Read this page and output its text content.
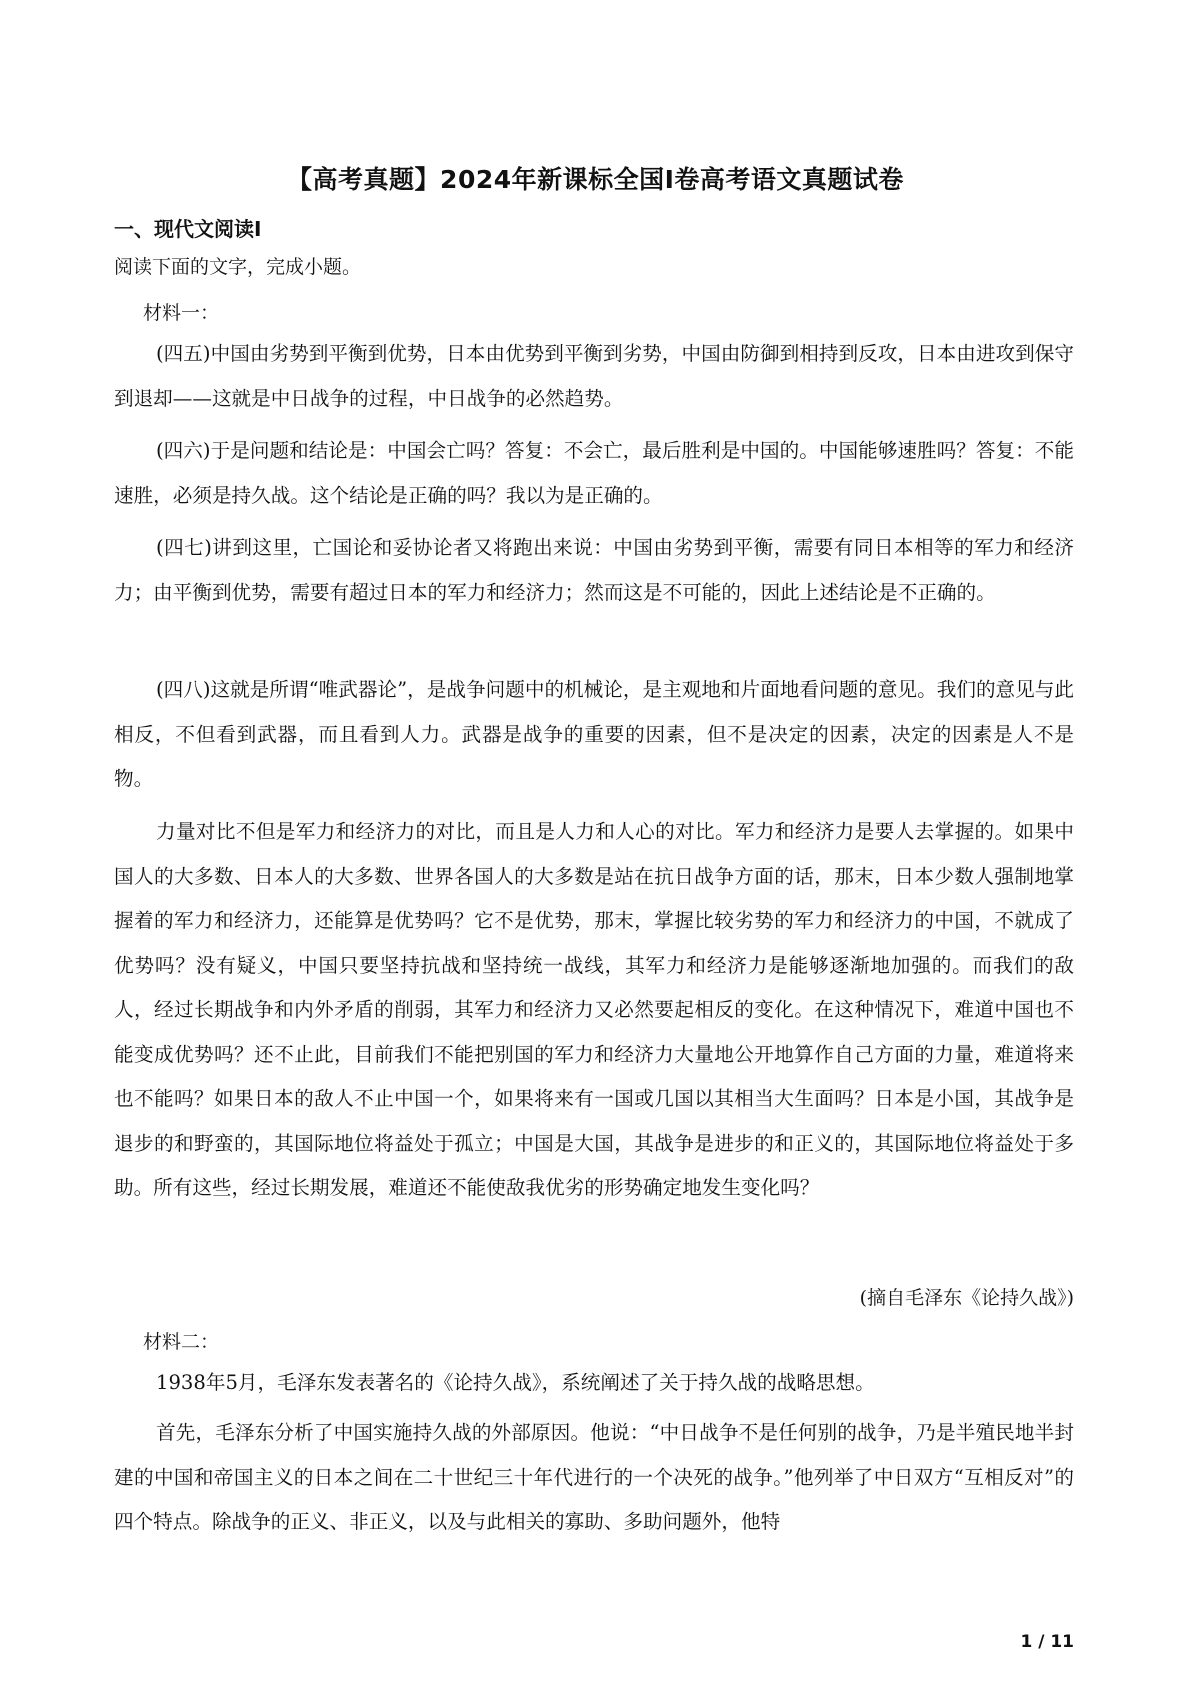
【高考真题】2024年新课标全国Ⅰ卷高考语文真题试卷
一、现代文阅读Ⅰ
阅读下面的文字，完成小题。
材料一：

(四五)中国由劣势到平衡到优势，日本由优势到平衡到劣势，中国由防御到相持到反攻，日本由进攻到保守到退却——这就是中日战争的过程，中日战争的必然趋势。

(四六)于是问题和结论是：中国会亡吗？答复：不会亡，最后胜利是中国的。中国能够速胜吗？答复：不能速胜，必须是持久战。这个结论是正确的吗？我以为是正确的。

(四七)讲到这里，亡国论和妥协论者又将跑出来说：中国由劣势到平衡，需要有同日本相等的军力和经济力；由平衡到优势，需要有超过日本的军力和经济力；然而这是不可能的，因此上述结论是不正确的。

(四八)这就是所谓“唯武器论”，是战争问题中的机械论，是主观地和片面地看问题的意见。我们的意见与此相反，不但看到武器，而且看到人力。武器是战争的重要的因素，但不是决定的因素，决定的因素是人不是物。

力量对比不但是军力和经济力的对比，而且是人力和人心的对比。军力和经济力是要人去掌握的。如果中国人的大多数、日本人的大多数、世界各国人的大多数是站在抗日战争方面的话，那末，日本少数人强制地掌握着的军力和经济力，还能算是优势吗？它不是优势，那末，掌握比较劣势的军力和经济力的中国，不就成了优势吗？没有疑义，中国只要坚持抗战和坚持统一战线，其军力和经济力是能够逐渐地加强的。而我们的敌人，经过长期战争和内外矛盾的削弱，其军力和经济力又必然要起相反的变化。在这种情况下，难道中国也不能变成优势吗？还不止此，目前我们不能把别国的军力和经济力大量地公开地算作自己方面的力量，难道将来也不能吗？如果日本的敌人不止中国一个，如果将来有一国或几国以其相当大生面吗？日本是小国，其战争是退步的和野蛮的，其国际地位将益处于孤立；中国是大国，其战争是进步的和正义的，其国际地位将益处于多助。所有这些，经过长期发展，难道还不能使敌我优劣的形势确定地发生变化吗？

(摘自毛泽东《论持久战》)
材料二：

1938年5月，毛泽东发表著名的《论持久战》，系统阐述了关于持久战的战略思想。

首先，毛泽东分析了中国实施持久战的外部原因。他说：“中日战争不是任何别的战争，乃是半殖民地半封建的中国和帝国主义的日本之间在二十世纪三十年代进行的一个决死的战争。”他列举了中日双方“互相反对”的四个特点。除战争的正义、非正义，以及与此相关的寡助、多助问题外，他特

1 / 11
